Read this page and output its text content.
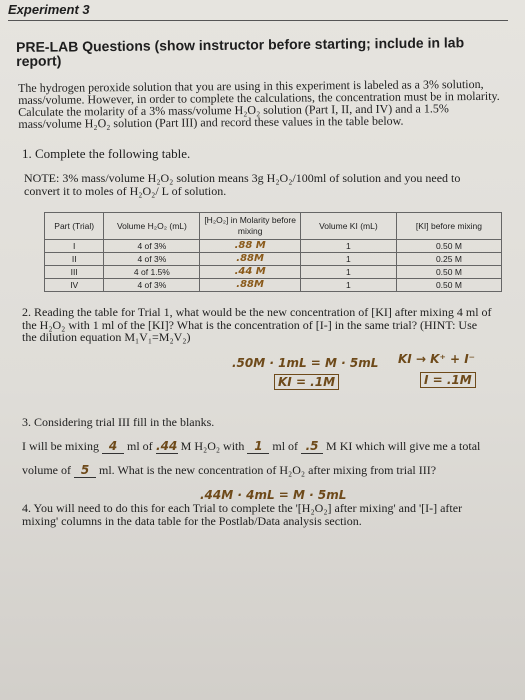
Experiment 3
PRE-LAB Questions (show instructor before starting; include in lab report)
The hydrogen peroxide solution that you are using in this experiment is labeled as a 3% solution, mass/volume. However, in order to complete the calculations, the concentration must be in molarity. Calculate the molarity of a 3% mass/volume H₂O₂ solution (Part I, II, and IV) and a 1.5% mass/volume H₂O₂ solution (Part III) and record these values in the table below.
1. Complete the following table.
NOTE: 3% mass/volume H₂O₂ solution means 3g H₂O₂/100ml of solution and you need to convert it to moles of H₂O₂/ L of solution.
Part (Trial)	Volume H₂O₂ (mL)	[H₂O₂] in Molarity before mixing	Volume KI (mL)	[KI] before mixing
I	4 of 3%	.88 M	1	0.50 M
II	4 of 3%	.88M	1	0.25 M
III	4 of 1.5%	.44 M	1	0.50 M
IV	4 of 3%	.88M	1	0.50 M
2. Reading the table for Trial 1, what would be the new concentration of [KI] after mixing 4 ml of the H₂O₂ with 1 ml of the [KI]? What is the concentration of [I-] in the same trial? (HINT: Use the dilution equation M₁V₁=M₂V₂)
.50M · 1mL = M · 5mL KI → K⁺ + I⁻
KI = .1M	I = .1M
3. Considering trial III fill in the blanks.
I will be mixing 4 ml of .44 M H₂O₂ with 1 ml of .5 M KI which will give me a total volume of 5 ml. What is the new concentration of H₂O₂ after mixing from trial III?
.44M · 4mL = M · 5mL
4. You will need to do this for each Trial to complete the '[H₂O₂] after mixing' and '[I-] after mixing' columns in the data table for the Postlab/Data analysis section.
